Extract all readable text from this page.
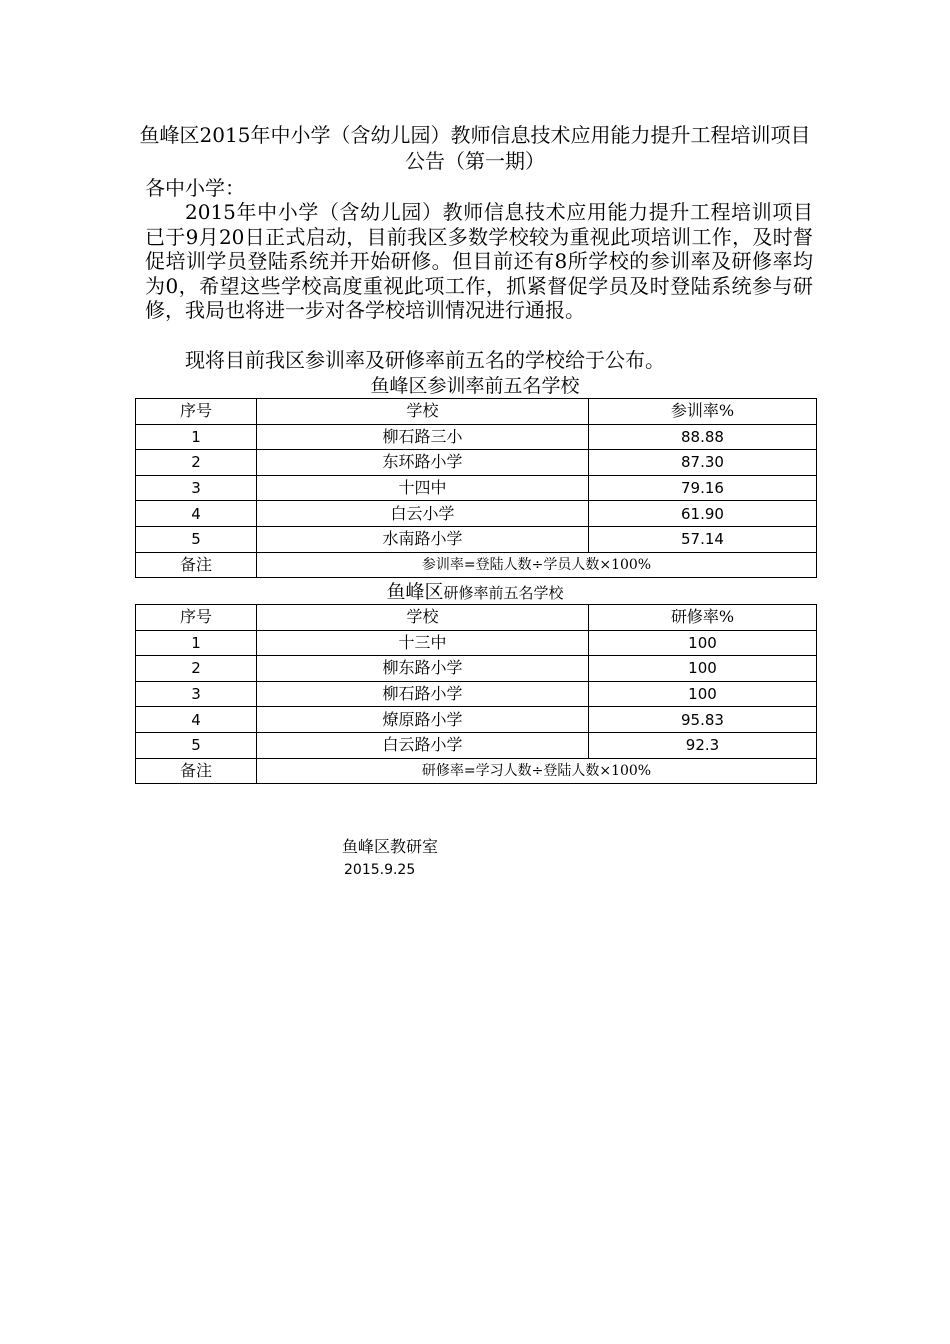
鱼峰区2015年中小学（含幼儿园）教师信息技术应用能力提升工程培训项目公告（第一期）
各中小学：
2015年中小学（含幼儿园）教师信息技术应用能力提升工程培训项目已于9月20日正式启动，目前我区多数学校较为重视此项培训工作，及时督促培训学员登陆系统并开始研修。但目前还有8所学校的参训率及研修率均为0，希望这些学校高度重视此项工作，抓紧督促学员及时登陆系统参与研修，我局也将进一步对各学校培训情况进行通报。
现将目前我区参训率及研修率前五名的学校给于公布。
鱼峰区参训率前五名学校
序号	学校	参训率%
1	柳石路三小	88.88
2	东环路小学	87.30
3	十四中	79.16
4	白云小学	61.90
5	水南路小学	57.14
备注	参训率=登陆人数÷学员人数×100%	
鱼峰区研修率前五名学校
序号	学校	研修率%
1	十三中	100
2	柳东路小学	100
3	柳石路小学	100
4	燎原路小学	95.83
5	白云路小学	92.3
备注	研修率=学习人数÷登陆人数×100%	
鱼峰区教研室
2015.9.25
